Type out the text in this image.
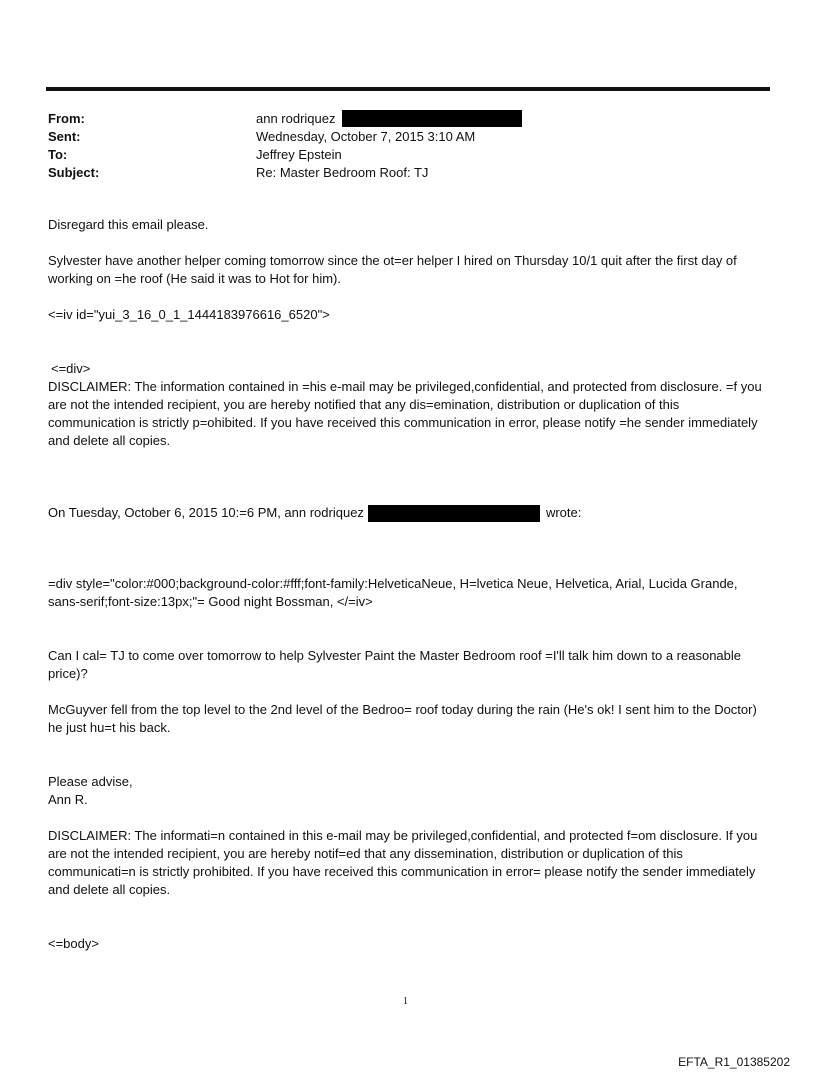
From:	ann rodriquez
Sent:	Wednesday, October 7, 2015 3:10 AM
To:	Jeffrey Epstein
Subject:	Re: Master Bedroom Roof: TJ

Disregard this email please.

Sylvester have another helper coming tomorrow since the ot=er helper I hired on Thursday 10/1 quit after the first day of working on =he roof (He said it was to Hot for him).

<=iv id="yui_3_16_0_1_1444183976616_6520">

<=div>

DISCLAIMER: The information contained in =his e-mail may be privileged,confidential, and protected from disclosure. =f you are not the intended recipient, you are hereby notified that any dis=emination, distribution or duplication of this communication is strictly p=ohibited. If you have received this communication in error, please notify =he sender immediately and delete all copies.

On Tuesday, October 6, 2015 10:=6 PM, ann rodriquez	wrote:

=div style="color:#000;background-color:#fff;font-family:HelveticaNeue, H=lvetica Neue, Helvetica, Arial, Lucida Grande, sans-serif;font-size:13px;"= Good night Bossman, </=iv>

Can I cal= TJ to come over tomorrow to help Sylvester Paint the Master Bedroom roof =I'll talk him down to a reasonable price)?

McGuyver fell from the top level to the 2nd level of the Bedroo= roof today during the rain (He's ok! I sent him to the Doctor) he just hu=t his back.

Please advise,

Ann R.

DISCLAIMER: The informati=n contained in this e-mail may be privileged,confidential, and protected f=om disclosure. If you are not the intended recipient, you are hereby notif=ed that any dissemination, distribution or duplication of this communicati=n is strictly prohibited. If you have received this communication in error= please notify the sender immediately and delete all copies.

<=body>

1
EFTA_R1_01385202
